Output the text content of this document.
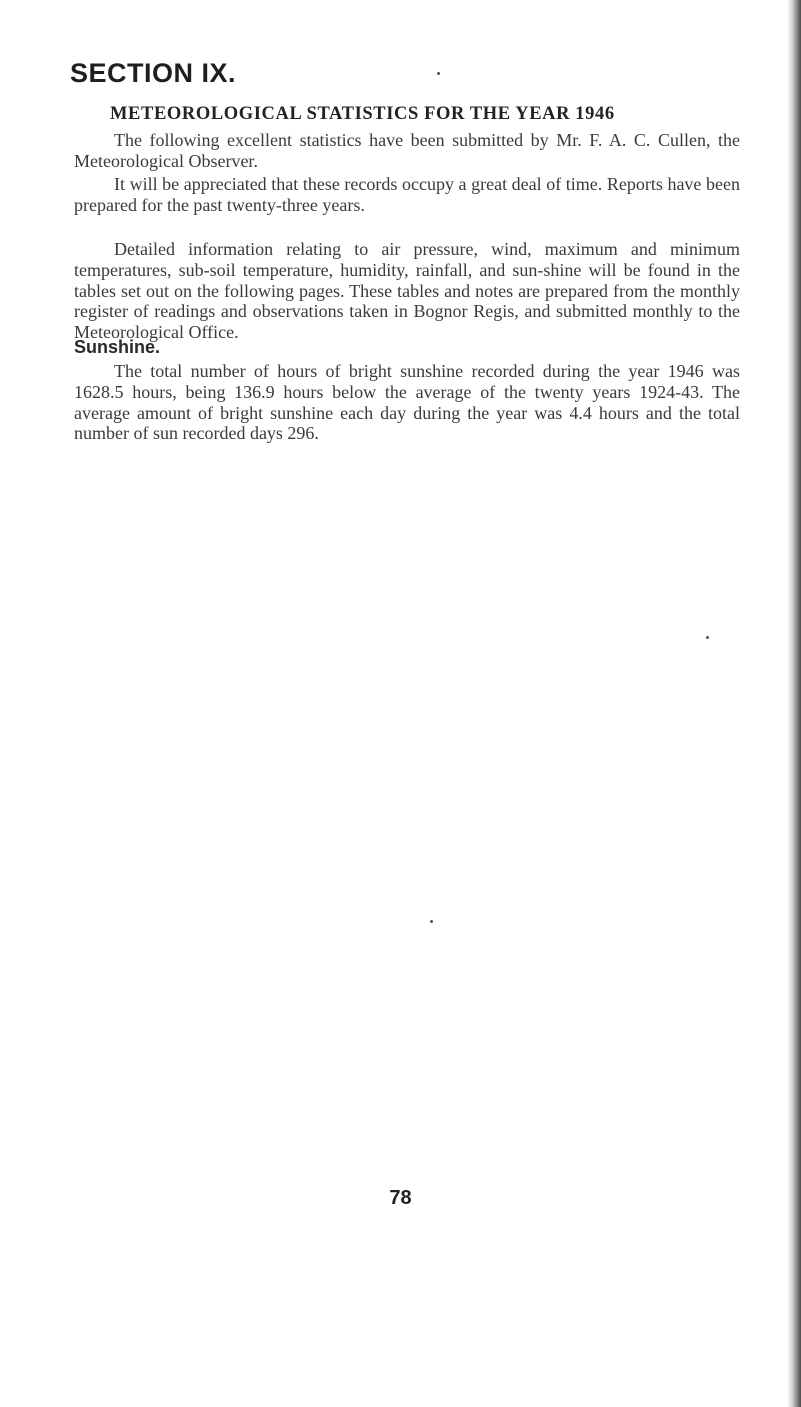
SECTION IX.
METEOROLOGICAL STATISTICS FOR THE YEAR 1946

The following excellent statistics have been submitted by Mr. F. A. C. Cullen, the Meteorological Observer.

It will be appreciated that these records occupy a great deal of time. Reports have been prepared for the past twenty-three years.

Detailed information relating to air pressure, wind, maximum and minimum temperatures, sub-soil temperature, humidity, rainfall, and sun-shine will be found in the tables set out on the following pages. These tables and notes are prepared from the monthly register of readings and observations taken in Bognor Regis, and submitted monthly to the Meteorological Office.

Sunshine.

The total number of hours of bright sunshine recorded during the year 1946 was 1628.5 hours, being 136.9 hours below the average of the twenty years 1924-43. The average amount of bright sunshine each day during the year was 4.4 hours and the total number of sun recorded days 296.

78
